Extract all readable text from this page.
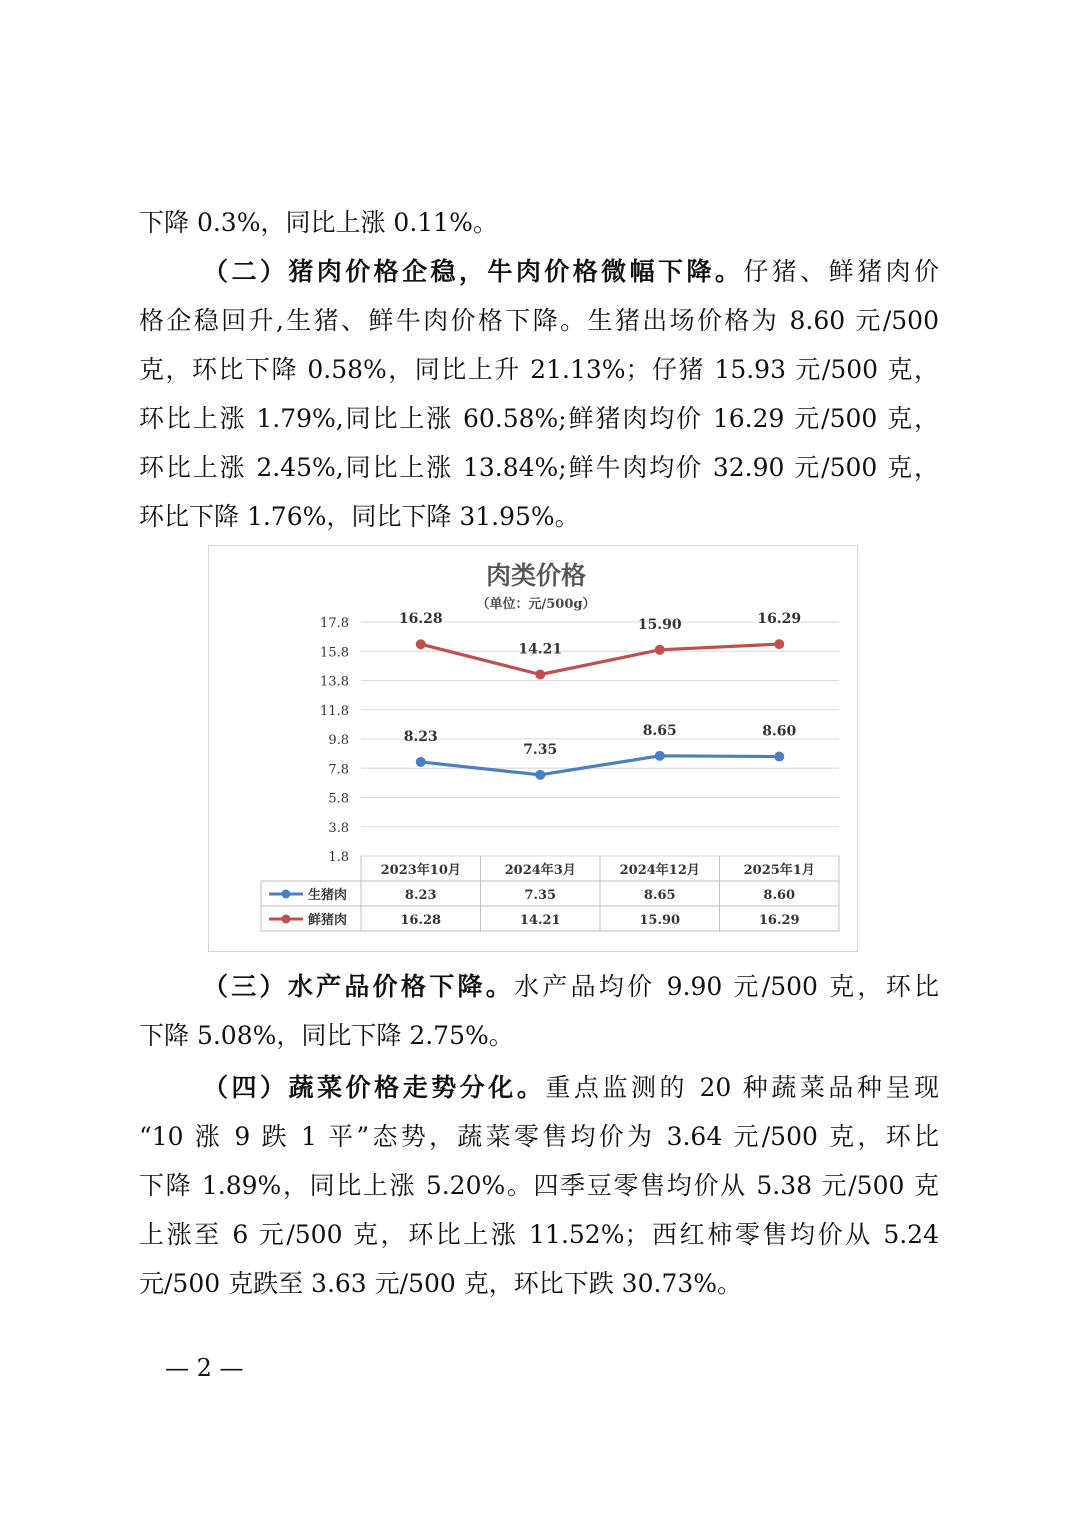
下降 0.3%，同比上涨 0.11%。
（二）猪肉价格企稳，牛肉价格微幅下降。仔猪、鲜猪肉价
格企稳回升,生猪、鲜牛肉价格下降。生猪出场价格为 8.60 元/500
克，环比下降 0.58%，同比上升 21.13%；仔猪 15.93 元/500 克，
环比上涨 1.79%,同比上涨 60.58%;鲜猪肉均价 16.29 元/500 克，
环比上涨 2.45%,同比上涨 13.84%;鲜牛肉均价 32.90 元/500 克，
环比下降 1.76%，同比下降 31.95%。
肉类价格
（单位：元/500g）
17.8
15.8
13.8
11.8
9.8
7.8
5.8
3.8
1.8
2023年10月	2024年3月	2024年12月	2025年1月
生猪肉	8.23	7.35	8.65	8.60
鲜猪肉	16.28	14.21	15.90	16.29
8.23
7.35
8.65	8.60
16.28
14.21
15.90	16.29
（三）水产品价格下降。水产品均价 9.90 元/500 克，环比
下降 5.08%，同比下降 2.75%。
（四）蔬菜价格走势分化。重点监测的 20 种蔬菜品种呈现
“10 涨 9 跌 1 平”态势，蔬菜零售均价为 3.64 元/500 克，环比
下降 1.89%，同比上涨 5.20%。四季豆零售均价从 5.38 元/500 克
上涨至 6 元/500 克，环比上涨 11.52%；西红柿零售均价从 5.24
元/500 克跌至 3.63 元/500 克，环比下跌 30.73%。
— 2 —
